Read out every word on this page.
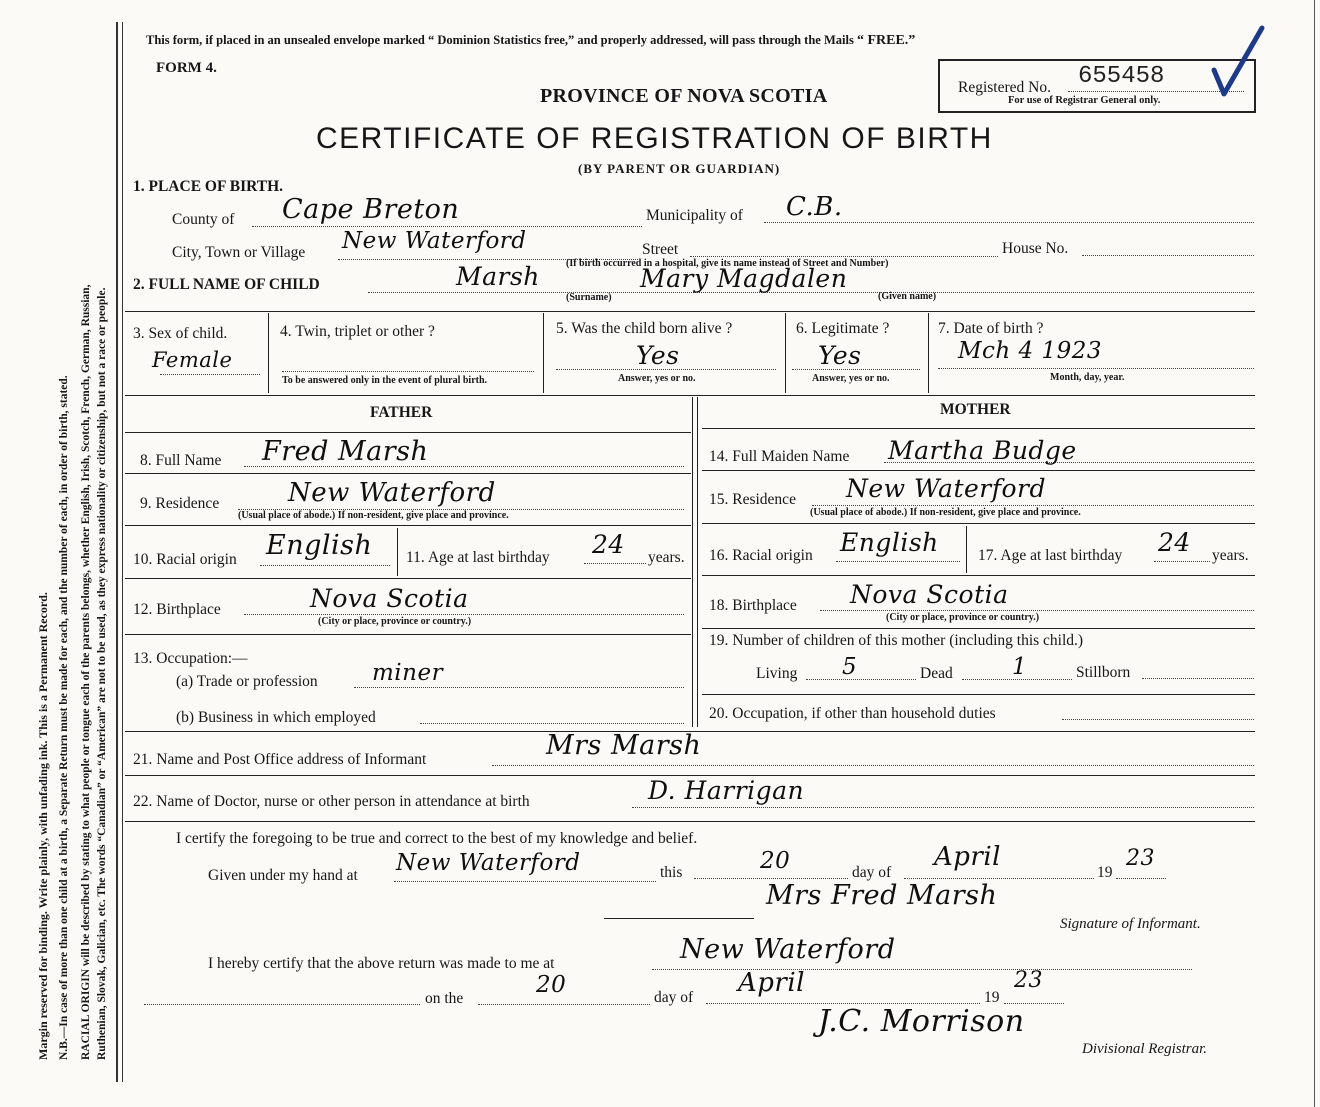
Margin reserved for binding. Write plainly, with unfading ink. This is a Permanent Record. N.B.—In case of more than one child at a birth, a Separate Return must be made for each, and the number of each, in order of birth, stated. RACIAL ORIGIN will be described by stating to what people or tongue each of the parents belongs, whether English, Irish, Scotch, French, German, Russian, Ruthenian, Slovak, Galician, etc. The words “Canadian” or “American” are not to be used, as they express nationality or citizenship, but not a race or people.
This form, if placed in an unsealed envelope marked “ Dominion Statistics free,” and properly addressed, will pass through the Mails “ FREE.”
FORM 4.
Registered No. 655458
For use of Registrar General only.
PROVINCE OF NOVA SCOTIA
CERTIFICATE OF REGISTRATION OF BIRTH
(BY PARENT OR GUARDIAN)
1. PLACE OF BIRTH.
County of Cape Breton	Municipality of C.B.
City, Town or Village New Waterford	Street	House No.
(If birth occurred in a hospital, give its name instead of Street and Number)
2. FULL NAME OF CHILD	Marsh
(Surname)
Mary Magdalen
(Given name)
3. Sex of child.
Female
4. Twin, triplet or other ?
To be answered only in the event of plural birth.
5. Was the child born alive ?
Yes
Answer, yes or no.
6. Legitimate ?
Yes
Answer, yes or no.
7. Date of birth ?
Mch 4 1923
Month, day, year.
FATHER
8. Full Name Fred Marsh
9. Residence	New Waterford
(Usual place of abode.) If non-resident, give place and province.
10. Racial origin English 11. Age at last birthday 24 years.
12. Birthplace	Nova Scotia
(City or place, province or country.)
13. Occupation:—
(a) Trade or profession miner
(b) Business in which employed
MOTHER
14. Full Maiden Name Martha Budge
15. Residence New Waterford
(Usual place of abode.) If non-resident, give place and province.
16. Racial origin English	17. Age at last birthday 24 years.
18. Birthplace Nova Scotia
(City or place, province or country.)
19. Number of children of this mother (including this child.)
Living 5	Dead	1	Stillborn
20. Occupation, if other than household duties
21. Name and Post Office address of Informant	Mrs Marsh
22. Name of Doctor, nurse or other person in attendance at birth	D. Harrigan
I certify the foregoing to be true and correct to the best of my knowledge and belief.
Given under my hand at New Waterford	this	20	day of
April
19
23
Mrs Fred Marsh
Signature of Informant.
I hereby certify that the above return was made to me at	New Waterford
on the
20	day of April	19
23
J.C. Morrison
Divisional Registrar.
